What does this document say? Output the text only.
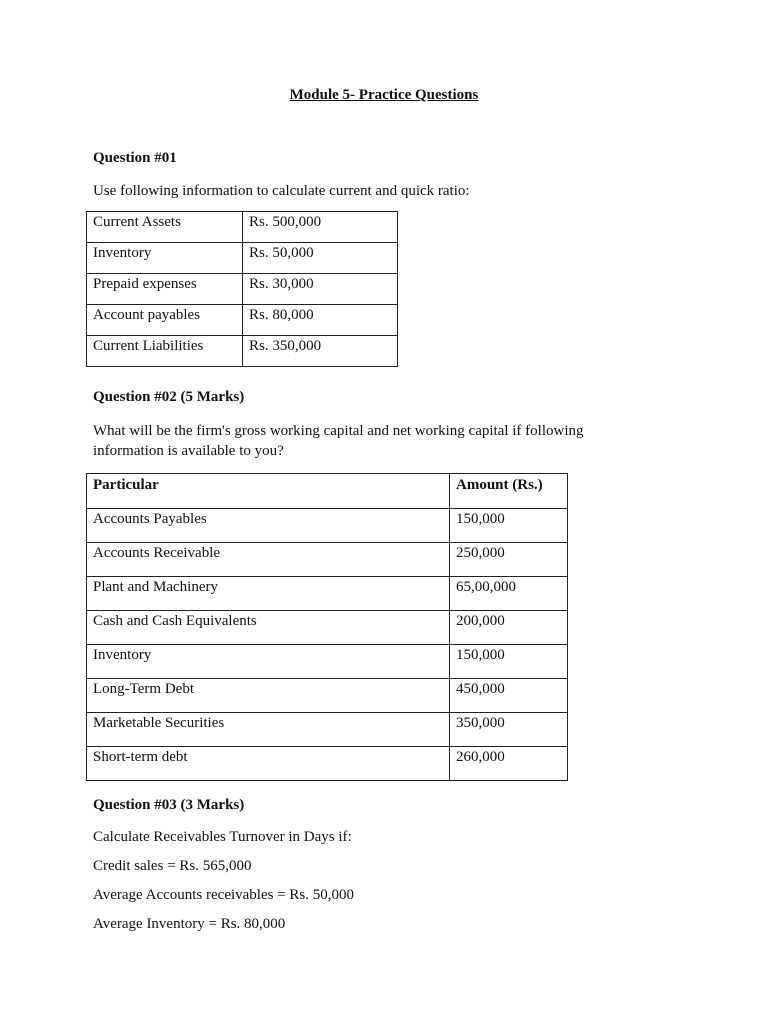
Module 5- Practice Questions
Question #01
Use following information to calculate current and quick ratio:
Current Assets	Rs. 500,000
Inventory	Rs. 50,000
Prepaid expenses	Rs. 30,000
Account payables	Rs. 80,000
Current Liabilities	Rs. 350,000
Question #02 (5 Marks)
What will be the firm's gross working capital and net working capital if following
information is available to you?
Particular	Amount (Rs.)
Accounts Payables	150,000
Accounts Receivable	250,000
Plant and Machinery	65,00,000
Cash and Cash Equivalents	200,000
Inventory	150,000
Long-Term Debt	450,000
Marketable Securities	350,000
Short-term debt	260,000
Question #03 (3 Marks)
Calculate Receivables Turnover in Days if:
Credit sales = Rs. 565,000
Average Accounts receivables = Rs. 50,000
Average Inventory = Rs. 80,000
